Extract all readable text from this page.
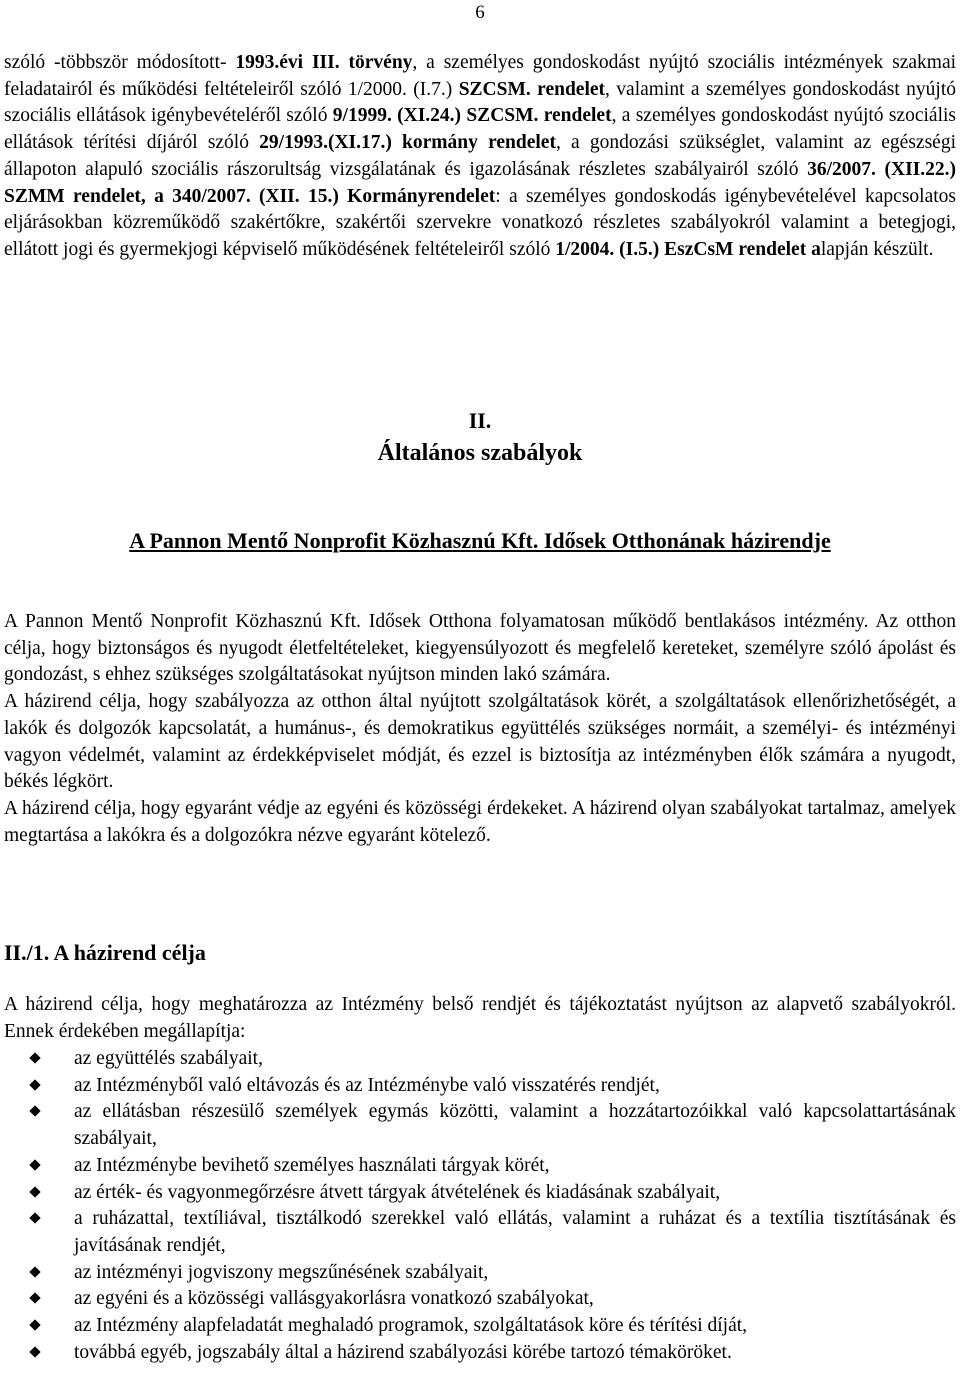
6

szóló -többször módosított- 1993.évi III. törvény, a személyes gondoskodást nyújtó szociális intézmények szakmai feladatairól és működési feltételeiről szóló 1/2000. (I.7.) SZCSM. rendelet, valamint a személyes gondoskodást nyújtó szociális ellátások igénybevételéről szóló 9/1999. (XI.24.) SZCSM. rendelet, a személyes gondoskodást nyújtó szociális ellátások térítési díjáról szóló 29/1993.(XI.17.) kormány rendelet, a gondozási szükséglet, valamint az egészségi állapoton alapuló szociális rászorultság vizsgálatának és igazolásának részletes szabályairól szóló 36/2007. (XII.22.) SZMM rendelet, a 340/2007. (XII. 15.) Kormányrendelet: a személyes gondoskodás igénybevételével kapcsolatos eljárásokban közreműködő szakértőkre, szakértői szervekre vonatkozó részletes szabályokról valamint a betegjogi, ellátott jogi és gyermekjogi képviselő működésének feltételeiről szóló 1/2004. (I.5.) EszCsM rendelet alapján készült.

II.
Általános szabályok
A Pannon Mentő Nonprofit Közhasznú Kft. Idősek Otthonának házirendje

A Pannon Mentő Nonprofit Közhasznú Kft. Idősek Otthona folyamatosan működő bentlakásos intézmény. Az otthon célja, hogy biztonságos és nyugodt életfeltételeket, kiegyensúlyozott és megfelelő kereteket, személyre szóló ápolást és gondozást, s ehhez szükséges szolgáltatásokat nyújtson minden lakó számára.

A házirend célja, hogy szabályozza az otthon által nyújtott szolgáltatások körét, a szolgáltatások ellenőrizhetőségét, a lakók és dolgozók kapcsolatát, a humánus-, és demokratikus együttélés szükséges normáit, a személyi- és intézményi vagyon védelmét, valamint az érdekképviselet módját, és ezzel is biztosítja az intézményben élők számára a nyugodt, békés légkört.

A házirend célja, hogy egyaránt védje az egyéni és közösségi érdekeket. A házirend olyan szabályokat tartalmaz, amelyek megtartása a lakókra és a dolgozókra nézve egyaránt kötelező.

II./1. A házirend célja

A házirend célja, hogy meghatározza az Intézmény belső rendjét és tájékoztatást nyújtson az alapvető szabályokról. Ennek érdekében megállapítja:

az együttélés szabályait,
az Intézményből való eltávozás és az Intézménybe való visszatérés rendjét,
az ellátásban részesülő személyek egymás közötti, valamint a hozzátartozóikkal való kapcsolattartásának szabályait,
az Intézménybe bevihető személyes használati tárgyak körét,
az érték- és vagyonmegőrzésre átvett tárgyak átvételének és kiadásának szabályait,
a ruházattal, textíliával, tisztálkodó szerekkel való ellátás, valamint a ruházat és a textília tisztításának és javításának rendjét,
az intézményi jogviszony megszűnésének szabályait,
az egyéni és a közösségi vallásgyakorlásra vonatkozó szabályokat,
az Intézmény alapfeladatát meghaladó programok, szolgáltatások köre és térítési díját,
továbbá egyéb, jogszabály által a házirend szabályozási körébe tartozó témaköröket.
